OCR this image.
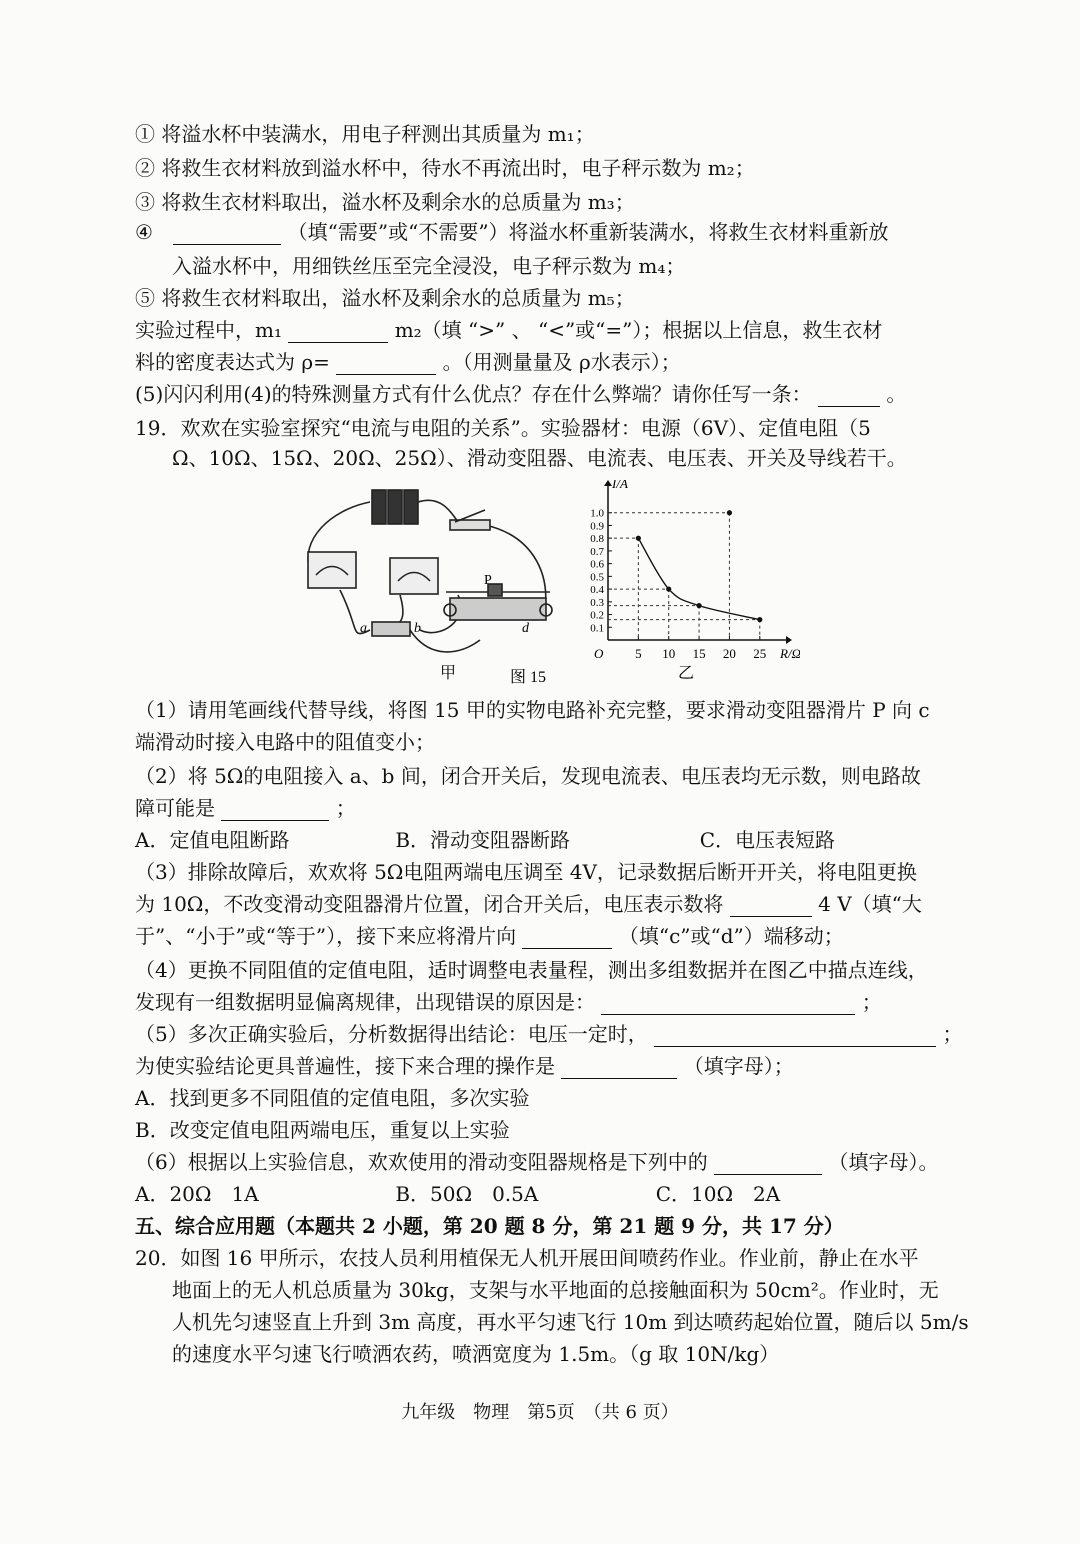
① 将溢水杯中装满水，用电子秤测出其质量为 m₁；
② 将救生衣材料放到溢水杯中，待水不再流出时，电子秤示数为 m₂；
③ 将救生衣材料取出，溢水杯及剩余水的总质量为 m₃；
④	（填“需要”或“不需要”）将溢水杯重新装满水，将救生衣材料重新放
入溢水杯中，用细铁丝压至完全浸没，电子秤示数为 m₄；
⑤ 将救生衣材料取出，溢水杯及剩余水的总质量为 m₅；
实验过程中，m₁	m₂（填 “>” 、 “<”或“=”）；根据以上信息，救生衣材
料的密度表达式为 ρ=	。（用测量量及 ρ水表示）；
(5)闪闪利用(4)的特殊测量方式有什么优点？存在什么弊端？请你任写一条：	。
19．欢欢在实验室探究“电流与电阻的关系”。实验器材：电源（6V）、定值电阻（5
Ω、10Ω、15Ω、20Ω、25Ω）、滑动变阻器、电流表、电压表、开关及导线若干。
P
a	b	d
甲	图 15
0.1
0.2
0.3
0.4
0.5
0.6
0.7
0.8
0.9
1.0
5 10 15 20 25
O	R/Ω
I/A
乙
（1）请用笔画线代替导线，将图 15 甲的实物电路补充完整，要求滑动变阻器滑片 P 向 c
端滑动时接入电路中的阻值变小；
（2）将 5Ω的电阻接入 a、b 间，闭合开关后，发现电流表、电压表均无示数，则电路故
障可能是	；
A．定值电阻断路	B．滑动变阻器断路	C．电压表短路
（3）排除故障后，欢欢将 5Ω电阻两端电压调至 4V，记录数据后断开开关，将电阻更换
为 10Ω，不改变滑动变阻器滑片位置，闭合开关后，电压表示数将	4 V（填“大
于”、“小于”或“等于”），接下来应将滑片向	（填“c”或“d”）端移动；
（4）更换不同阻值的定值电阻，适时调整电表量程，测出多组数据并在图乙中描点连线，
发现有一组数据明显偏离规律，出现错误的原因是：	；
（5）多次正确实验后，分析数据得出结论：电压一定时，	；
为使实验结论更具普遍性，接下来合理的操作是	（填字母）；
A．找到更多不同阻值的定值电阻，多次实验
B．改变定值电阻两端电压，重复以上实验
（6）根据以上实验信息，欢欢使用的滑动变阻器规格是下列中的	（填字母）。
A．20Ω　1A	B．50Ω　0.5A	C．10Ω　2A
五、综合应用题（本题共 2 小题，第 20 题 8 分，第 21 题 9 分，共 17 分）
20．如图 16 甲所示，农技人员利用植保无人机开展田间喷药作业。作业前，静止在水平
地面上的无人机总质量为 30kg，支架与水平地面的总接触面积为 50cm²。作业时，无
人机先匀速竖直上升到 3m 高度，再水平匀速飞行 10m 到达喷药起始位置，随后以 5m/s
的速度水平匀速飞行喷洒农药，喷洒宽度为 1.5m。（g 取 10N/kg）
九年级　物理　第5页　（共 6 页）
